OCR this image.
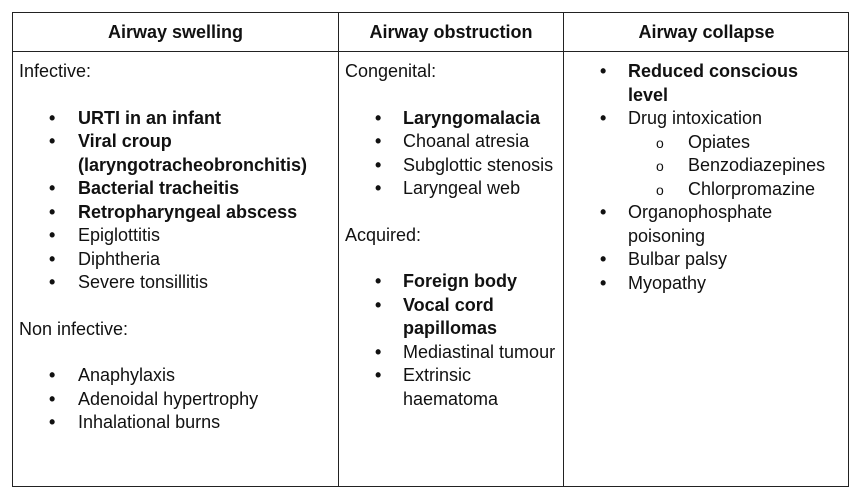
Airway swelling

Infective:

• URTI in an infant
• Viral croup (laryngotracheobronchitis)
• Bacterial tracheitis
• Retropharyngeal abscess
• Epiglottitis
• Diphtheria
• Severe tonsillitis

Non infective:

• Anaphylaxis
• Adenoidal hypertrophy
• Inhalational burns
Airway obstruction

Congenital:

• Laryngomalacia
• Choanal atresia
• Subglottic stenosis
• Laryngeal web

Acquired:

• Foreign body
• Vocal cord papillomas
• Mediastinal tumour
• Extrinsic haematoma
Airway collapse
• Reduced conscious level
• Drug intoxication
o Opiates
o Benzodiazepines
o Chlorpromazine
• Organophosphate poisoning
• Bulbar palsy
• Myopathy
